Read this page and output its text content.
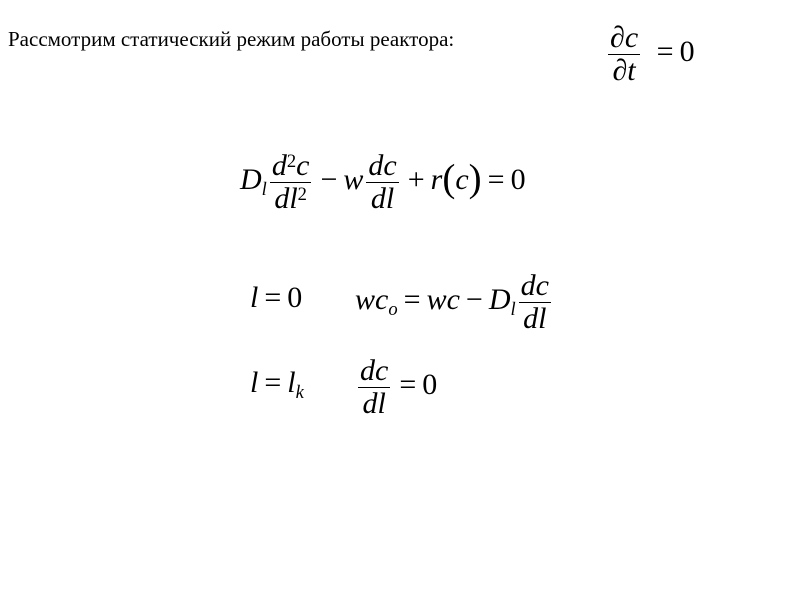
Рассмотрим статический режим работы реактора:	$\frac{\partial c}{\partial t} = 0$
Dl $\frac{d^2c}{dl^2} - w \frac{dc}{dl} + r(c) = 0$
l = 0 wco = wc − Dl $\frac{dc}{dl}$
l = lk $\frac{dc}{dl} = 0$
